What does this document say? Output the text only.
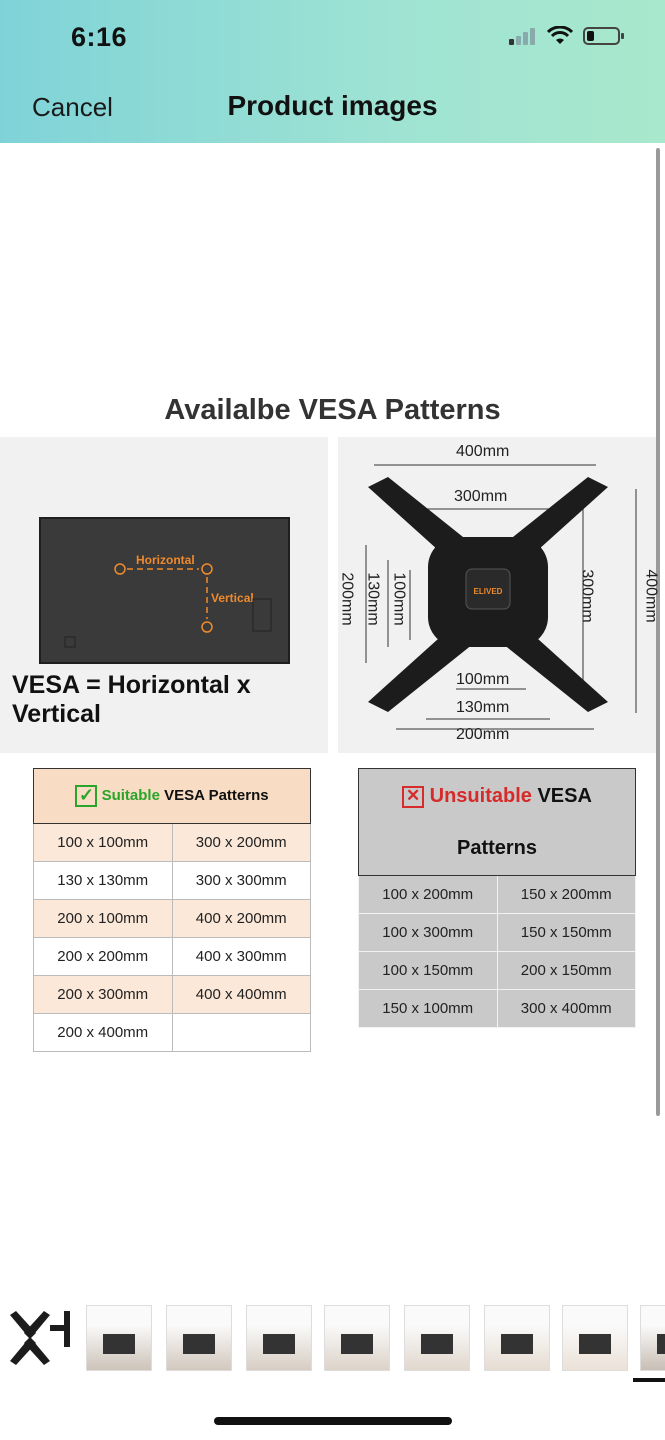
6:16
Cancel	Product images
Availalbe VESA Patterns
Horizontal
Vertical
VESA = Horizontal x Vertical
ELIVED
400mm
300mm
200mm 130mm 100mm	300mm	400mm
100mm
130mm
200mm
✓ Suitable VESA Patterns	
100 x 100mm	300 x 200mm
130 x 130mm	300 x 300mm
200 x 100mm	400 x 200mm
200 x 200mm	400 x 300mm
200 x 300mm	400 x 400mm
200 x 400mm	
✕ Unsuitable VESA Patterns	
100 x 200mm	150 x 200mm
100 x 300mm	150 x 150mm
100 x 150mm	200 x 150mm
150 x 100mm	300 x 400mm
